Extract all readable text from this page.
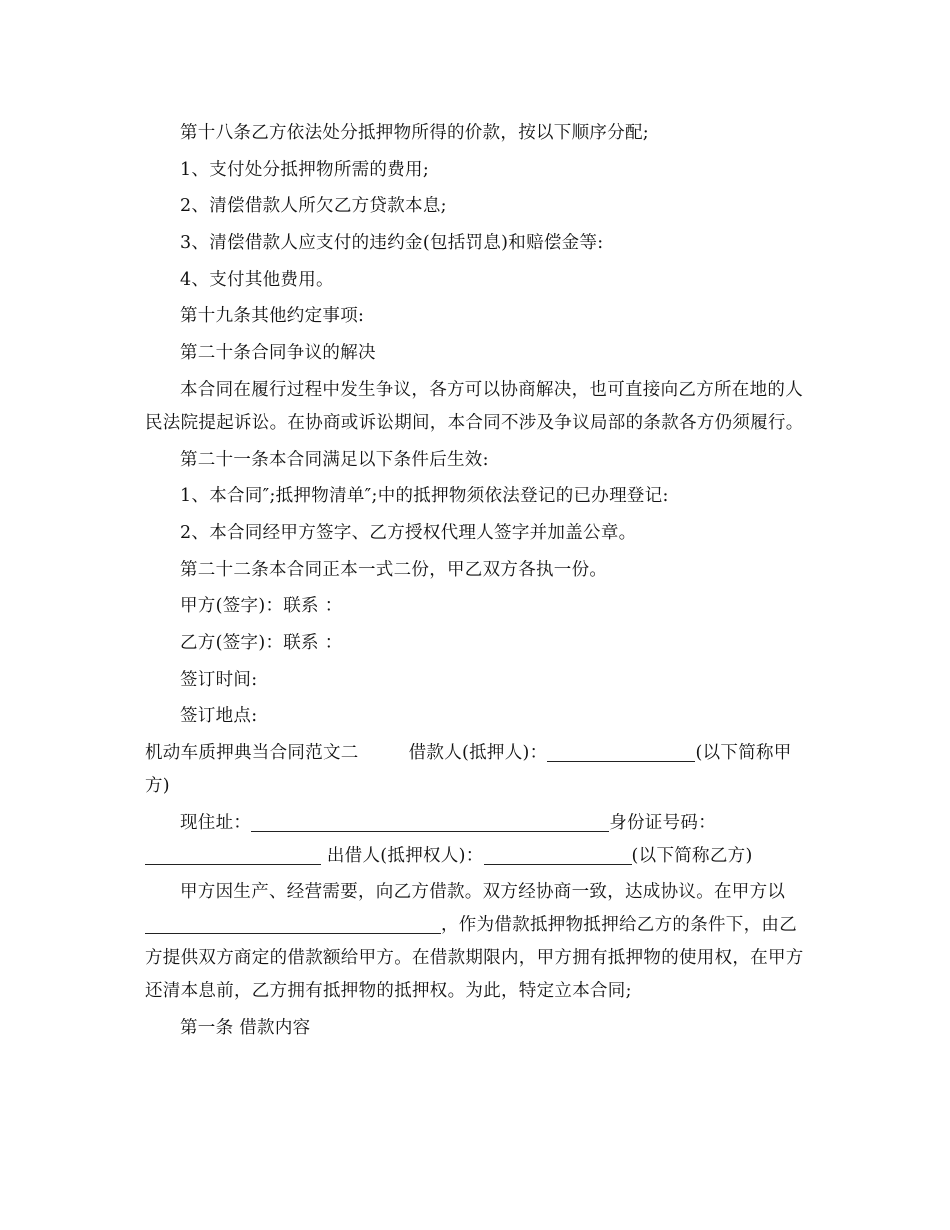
第十八条乙方依法处分抵押物所得的价款，按以下顺序分配;

1、支付处分抵押物所需的费用;

2、清偿借款人所欠乙方贷款本息;

3、清偿借款人应支付的违约金(包括罚息)和赔偿金等:

4、支付其他费用。

第十九条其他约定事项:

第二十条合同争议的解决

本合同在履行过程中发生争议，各方可以协商解决，也可直接向乙方所在地的人民法院提起诉讼。在协商或诉讼期间，本合同不涉及争议局部的条款各方仍须履行。

第二十一条本合同满足以下条件后生效:

1、本合同″;抵押物清单″;中的抵押物须依法登记的已办理登记:

2、本合同经甲方签字、乙方授权代理人签字并加盖公章。

第二十二条本合同正本一式二份，甲乙双方各执一份。

甲方(签字)：联系 ：

乙方(签字)：联系 ：

签订时间:

签订地点:

机动车质押典当合同范文二	借款人(抵押人)：	(以下简称甲方)

现住址：	身份证号码： 出借人(抵押权人)：	(以下简称乙方)

甲方因生产、经营需要，向乙方借款。双方经协商一致，达成协议。在甲方以，作为借款抵押物抵押给乙方的条件下，由乙方提供双方商定的借款额给甲方。在借款期限内，甲方拥有抵押物的使用权，在甲方还清本息前，乙方拥有抵押物的抵押权。为此，特定立本合同;

第一条 借款内容
